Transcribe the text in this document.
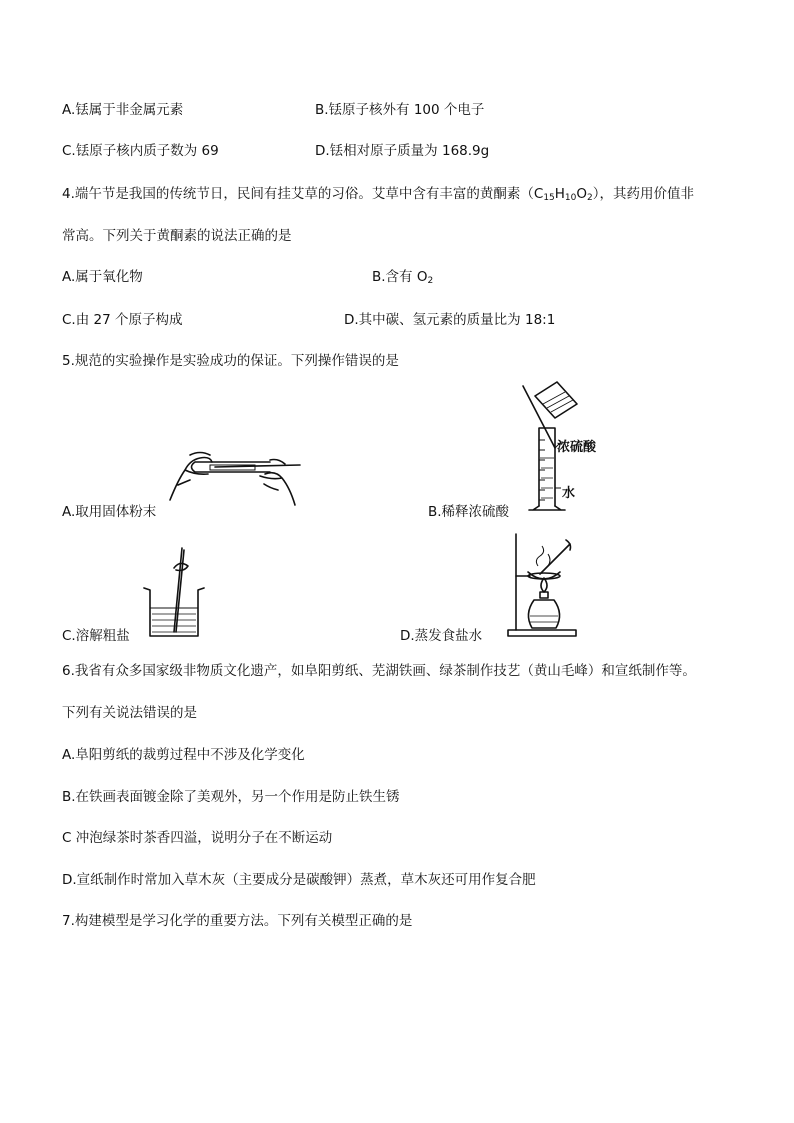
A.铥属于非金属元素	B.铥原子核外有 100 个电子
C.铥原子核内质子数为 69	D.铥相对原子质量为 168.9g
4.端午节是我国的传统节日，民间有挂艾草的习俗。艾草中含有丰富的黄酮素$(C_{15}H_{10}O_2)$，其药用价值非
常高。下列关于黄酮素的说法正确的是
A.属于氧化物	B.含有 $O_2$
C.由 27 个原子构成	D.其中碳、氢元素的质量比为 18:1
5.规范的实验操作是实验成功的保证。下列操作错误的是
A.取用固体粉末
浓硫酸
水
B.稀释浓硫酸
C.溶解粗盐	D.蒸发食盐水
6.我省有众多国家级非物质文化遗产，如阜阳剪纸、芜湖铁画、绿茶制作技艺（黄山毛峰）和宣纸制作等。
下列有关说法错误的是
A.阜阳剪纸的裁剪过程中不涉及化学变化
B.在铁画表面镀金除了美观外，另一个作用是防止铁生锈
C 冲泡绿茶时茶香四溢，说明分子在不断运动
D.宣纸制作时常加入草木灰（主要成分是碳酸钾）蒸煮，草木灰还可用作复合肥
7.构建模型是学习化学的重要方法。下列有关模型正确的是
